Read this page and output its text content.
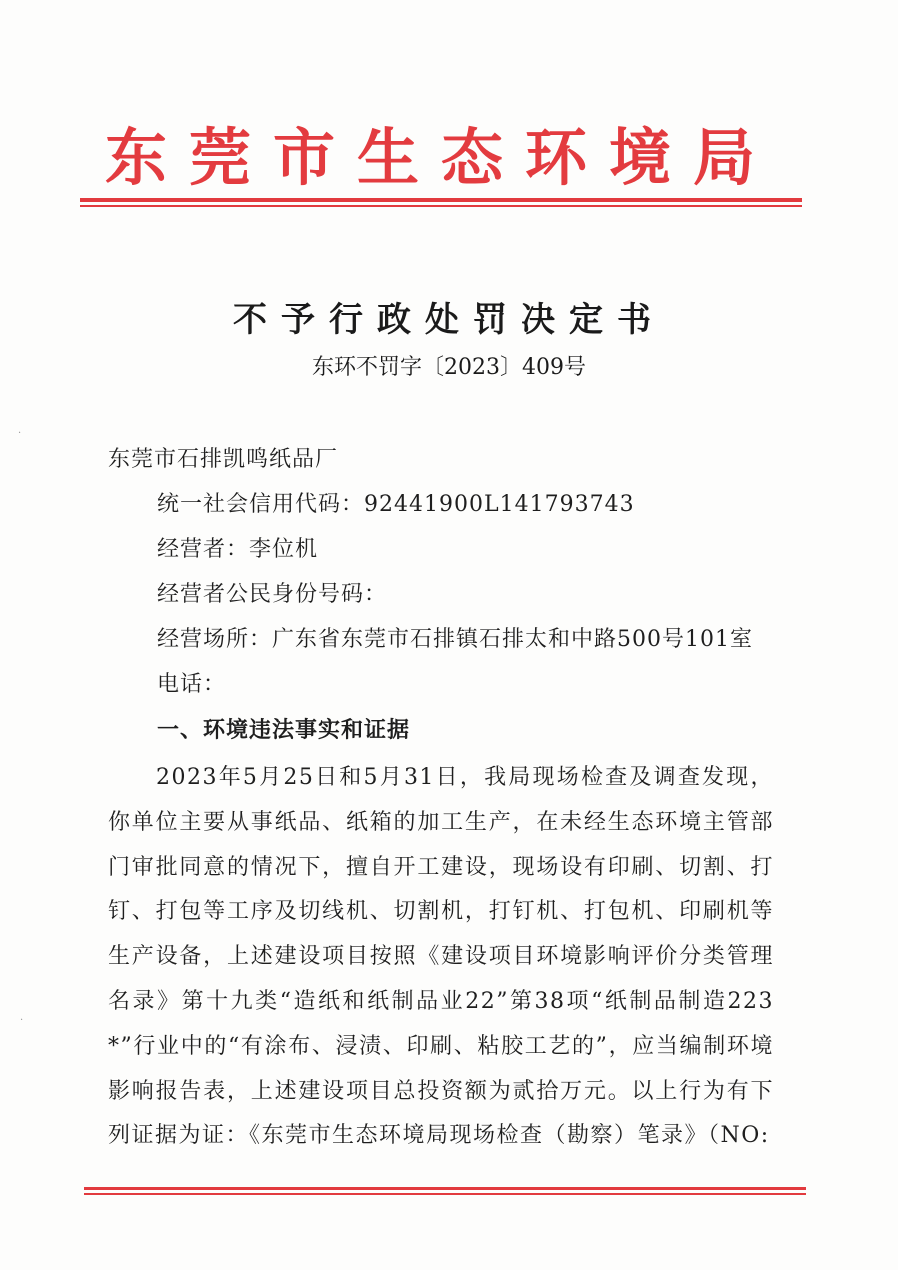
东莞市生态环境局
不予行政处罚决定书
东环不罚字〔2023〕409号
东莞市石排凯鸣纸品厂
统一社会信用代码：92441900L141793743
经营者：李位机
经营者公民身份号码：
经营场所：广东省东莞市石排镇石排太和中路500号101室
电话：
一、环境违法事实和证据
2023年5月25日和5月31日，我局现场检查及调查发现，你单位主要从事纸品、纸箱的加工生产，在未经生态环境主管部门审批同意的情况下，擅自开工建设，现场设有印刷、切割、打钉、打包等工序及切线机、切割机，打钉机、打包机、印刷机等生产设备，上述建设项目按照《建设项目环境影响评价分类管理名录》第十九类“造纸和纸制品业22”第38项“纸制品制造223*”行业中的“有涂布、浸渍、印刷、粘胶工艺的”，应当编制环境影响报告表，上述建设项目总投资额为贰拾万元。以上行为有下列证据为证：《东莞市生态环境局现场检查（勘察）笔录》（NO:
·
·
